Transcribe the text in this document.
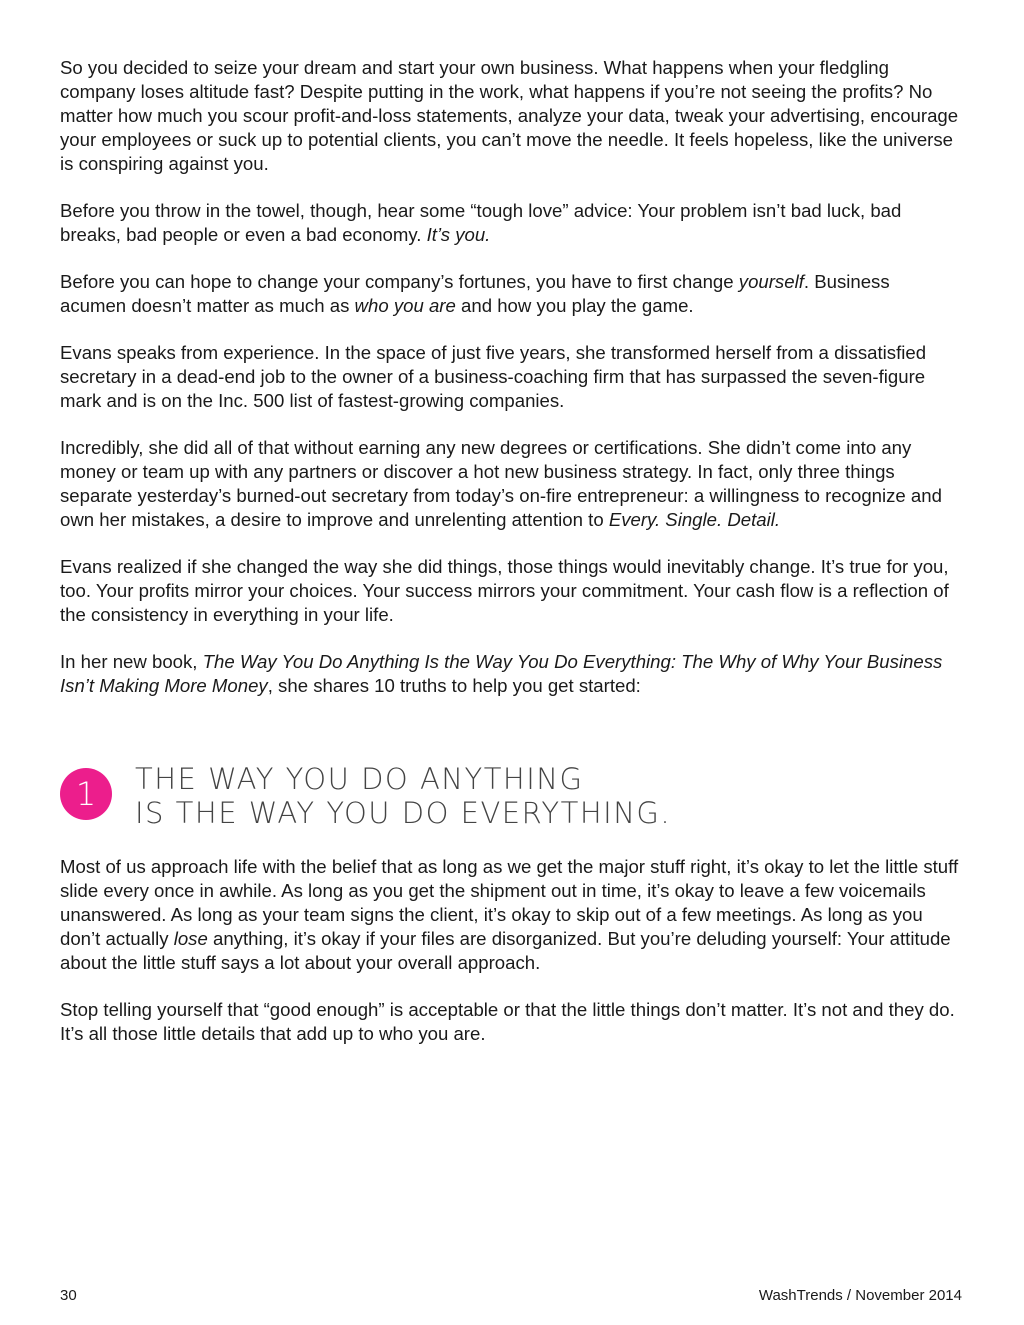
So you decided to seize your dream and start your own business. What happens when your fledgling company loses altitude fast? Despite putting in the work, what happens if you’re not seeing the profits? No matter how much you scour profit-and-loss statements, analyze your data, tweak your advertising, encourage your employees or suck up to potential clients, you can’t move the needle. It feels hopeless, like the universe is conspiring against you.

Before you throw in the towel, though, hear some “tough love” advice: Your problem isn’t bad luck, bad breaks, bad people or even a bad economy. It’s you.

Before you can hope to change your company’s fortunes, you have to first change yourself. Business acumen doesn’t matter as much as who you are and how you play the game.

Evans speaks from experience. In the space of just five years, she transformed herself from a dissatisfied secretary in a dead-end job to the owner of a business-coaching firm that has surpassed the seven-figure mark and is on the Inc. 500 list of fastest-growing companies.

Incredibly, she did all of that without earning any new degrees or certifications. She didn’t come into any money or team up with any partners or discover a hot new business strategy. In fact, only three things separate yesterday’s burned-out secretary from today’s on-fire entrepreneur: a willingness to recognize and own her mistakes, a desire to improve and unrelenting attention to Every. Single. Detail.

Evans realized if she changed the way she did things, those things would inevitably change. It’s true for you, too. Your profits mirror your choices. Your success mirrors your commitment. Your cash flow is a reflection of the consistency in everything in your life.

In her new book, The Way You Do Anything Is the Way You Do Everything: The Why of Why Your Business Isn’t Making More Money, she shares 10 truths to help you get started:

1	THE WAY YOU DO ANYTHING
IS THE WAY YOU DO EVERYTHING.

Most of us approach life with the belief that as long as we get the major stuff right, it’s okay to let the little stuff slide every once in awhile. As long as you get the shipment out in time, it’s okay to leave a few voicemails unanswered. As long as your team signs the client, it’s okay to skip out of a few meetings. As long as you don’t actually lose anything, it’s okay if your files are disorganized. But you’re deluding yourself: Your attitude about the little stuff says a lot about your overall approach.

Stop telling yourself that “good enough” is acceptable or that the little things don’t matter. It’s not and they do. It’s all those little details that add up to who you are.

30	WashTrends / November 2014
